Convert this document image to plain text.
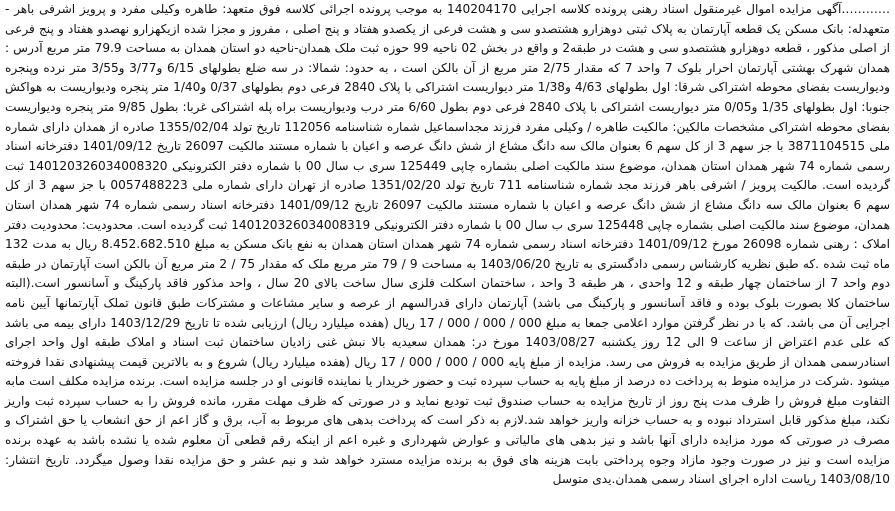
…………آگهی مزایده اموال غیرمنقول اسناد رهنی پرونده کلاسه اجرایی 140204170 به موجب پرونده اجرائی کلاسه فوق متعهد: طاهره وکیلی مفرد و پرویز اشرفی باهر - متعهدله: بانک مسکن یک قطعه آپارتمان به پلاک ثبتی دوهزارو هشتصدو سی و هشت فرعی از یکصدو هفتاد و پنج اصلی ، مفروز و مجزا شده ازیکهزارو نهصدو هفتاد و پنج فرعی از اصلی مذکور ، قطعه دوهزارو هشتصدو سی و هشت در طبقه2 و واقع در بخش 02 ناحیه 99 حوزه ثبت ملک همدان-ناحیه دو استان همدان به مساحت 79.9 متر مربع آدرس : همدان شهرک بهشتی آپارتمان احرار بلوک 7 واحد 7 که مقدار 2/75 متر مربع از آن بالکن است ، به حدود: شمالا: در سه ضلع بطولهای 6/15 و3/77 و3/55 متر نرده وپنجره ودیواریست بفضای محوطه اشتراکی شرقا: اول بطولهای 4/63 و1/38 متر دیواریست اشتراکی با پلاک 2840 فرعی دوم بطولهای 0/37 و1/40 متر پنجره ودیواریست به هواکش جنوبا: اول بطولهای 1/35 و0/05 متر دیواریست اشتراکی با پلاک 2840 فرعی دوم بطول 6/60 متر درب ودیواریست براه پله اشتراکی غربا: بطول 9/85 متر پنجره ودیواریست بفضای محوطه اشتراکی مشخصات مالکین: مالکیت طاهره / وکیلی مفرد فرزند مجداسماعیل شماره شناسنامه 112056 تاریخ تولد 1355/02/04 صادره از همدان دارای شماره ملی 3871104515 با جز سهم 3 از کل سهم 6 بعنوان مالک سه دانگ مشاع از شش دانگ عرصه و اعیان با شماره مستند مالکیت 26097 تاریخ 1401/09/12 دفترخانه اسناد رسمی شماره 74 شهر همدان استان همدان، موضوع سند مالکیت اصلی بشماره چاپی 125449 سری ب سال 00 با شماره دفتر الکترونیکی 140120326034008320 ثبت گردیده است. مالکیت پرویز / اشرفی باهر فرزند مجد شماره شناسنامه 711 تاریخ تولد 1351/02/20 صادره از تهران دارای شماره ملی 0057488223 با جز سهم 3 از کل سهم 6 بعنوان مالک سه دانگ مشاع از شش دانگ عرصه و اعیان با شماره مستند مالکیت 26097 تاریخ 1401/09/12 دفترخانه اسناد رسمی شماره 74 شهر همدان استان همدان، موضوع سند مالکیت اصلی بشماره چاپی 125448 سری ب سال 00 با شماره دفتر الکترونیکی 140120326034008319 ثبت گردیده است. محدودیت: محدودیت دفتر املاک : رهنی شماره 26098 مورخ 1401/09/12 دفترخانه اسناد رسمی شماره 74 شهر همدان استان همدان به نفع بانک مسکن به مبلغ 8.452.682.510 ریال به مدت 132 ماه ثبت شده .که طبق نظریه کارشناس رسمی دادگستری به تاریخ 1403/06/20 به مساحت 9 / 79 متر مربع ملک که مقدار 75 / 2 متر مربع آن بالکن است آپارتمان در طبقه دوم واحد 7 از ساختمان چهار طبقه و 12 واحدی ، هر طبقه 3 واحد ، ساختمان اسکلت فلزی سال ساخت بالای 20 سال ، واحد مذکور فاقد پارکینگ و آسانسور است.(البته ساختمان کلا بصورت بلوک بوده و فاقد آسانسور و پارکینگ می باشد) آپارتمان دارای قدرالسهم از عرصه و سایر مشاعات و مشترکات طبق قانون تملک آپارتمانها آیین نامه اجرایی آن می باشد. که با در نظر گرفتن موارد اعلامی جمعا به مبلغ 000 / 000 / 000 / 17 ریال (هفده میلیارد ریال) ارزیابی شده تا تاریخ 1403/12/29 دارای بیمه می باشد که علی عدم اعتراض از ساعت 9 الی 12 روز یکشنبه 1403/08/27 مورخ در: همدان سعیدیه بالا نبش غنی زادیان ساختمان ثبت اسناد و املاک طبقه اول واحد اجرای اسنادرسمی همدان از طریق مزایده به فروش می رسد. مزایده از مبلغ پایه 000 / 000 / 000 / 17 ریال (هفده میلیارد ریال) شروع و به بالاترین قیمت پیشنهادی نقدا فروخته میشود .شرکت در مزایده منوط به پرداخت ده درصد از مبلغ پایه به حساب سپرده ثبت و حضور خریدار یا نماینده قانونی او در جلسه مزایده است. برنده مزایده مکلف است مابه التفاوت مبلغ فروش را ظرف مدت پنج روز از تاریخ مزایده به حساب صندوق ثبت تودیع نماید و در صورتی که ظرف مهلت مقرر، مانده فروش را به حساب سپرده ثبت واریز نکند، مبلغ مذکور قابل استرداد نبوده و به حساب خزانه واریز خواهد شد.لازم به ذکر است که پرداخت بدهی های مربوط به آب، برق و گاز اعم از حق انشعاب یا حق اشتراک و مصرف در صورتی که مورد مزایده دارای آنها باشد و نیز بدهی های مالیاتی و عوارض شهرداری و غیره اعم از اینکه رقم قطعی آن معلوم شده یا نشده باشد به عهده برنده مزایده است و نیز در صورت وجود مازاد وجوه پرداختی بابت هزینه های فوق به برنده مزایده مسترد خواهد شد و نیم عشر و حق مزایده نقدا وصول میگردد. تاریخ انتشار: 1403/08/10 ریاست اداره اجرای اسناد رسمی همدان.یدی متوسل
